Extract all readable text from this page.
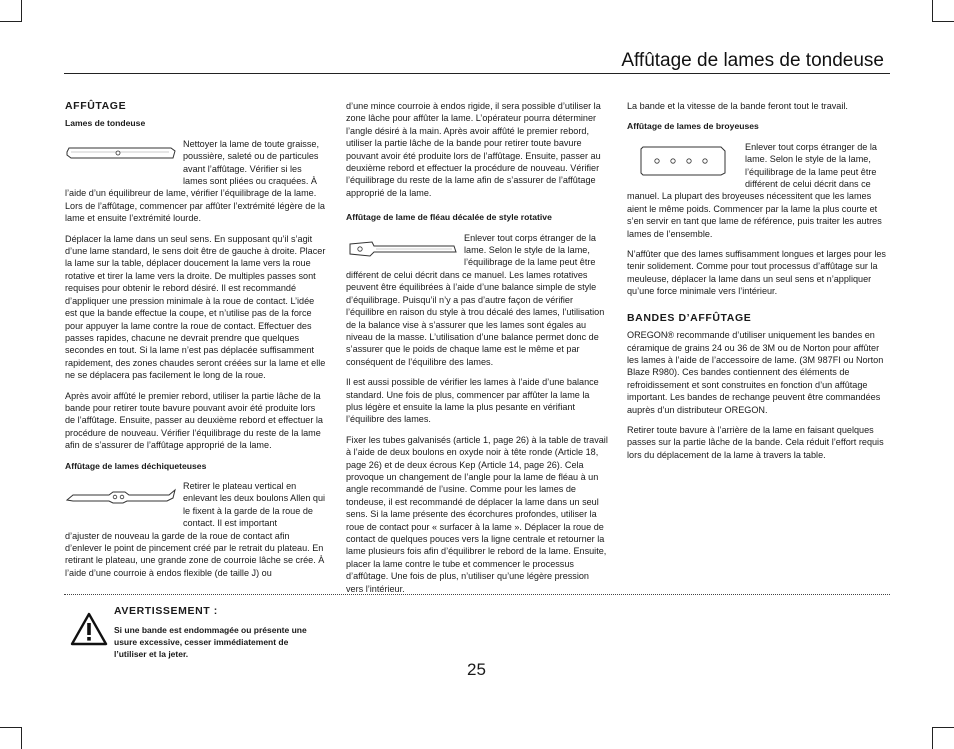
Affûtage de lames de tondeuse
AFFÛTAGE
Lames de tondeuse
Nettoyer la lame de toute graisse, poussière, saleté ou de particules avant l’affûtage. Vérifier si les lames sont pliées ou craquées. À

l’aide d’un équilibreur de lame, vérifier l’équilibrage de la lame. Lors de l’affûtage, commencer par affûter l’extrémité légère de la lame et ensuite l’extrémité lourde.

Déplacer la lame dans un seul sens. En supposant qu’il s’agit d’une lame standard, le sens doit être de gauche à droite. Placer la lame sur la table, déplacer doucement la lame vers la roue rotative et tirer la lame vers la droite. De multiples passes sont requises pour obtenir le rebord désiré. Il est recommandé d’appliquer une pression minimale à la roue de contact. L’idée est que la bande effectue la coupe, et n’utilise pas de la force pour appuyer la lame contre la roue de contact. Effectuer des passes rapides, chacune ne devrait prendre que quelques secondes en tout. Si la lame n’est pas déplacée suffisamment rapidement, des zones chaudes seront créées sur la lame et elle ne se déplacera pas facilement le long de la roue.

Après avoir affûté le premier rebord, utiliser la partie lâche de la bande pour retirer toute bavure pouvant avoir été produite lors de l’affûtage. Ensuite, passer au deuxième rebord et effectuer la procédure de nouveau. Vérifier l’équilibrage du reste de la lame afin de s’assurer de l’affûtage approprié de la lame.

Affûtage de lames déchiqueteuses
Retirer le plateau vertical en enlevant les deux boulons Allen qui le fixent à la garde de la roue de contact. Il est important

d’ajuster de nouveau la garde de la roue de contact afin d’enlever le point de pincement créé par le retrait du plateau. En retirant le plateau, une grande zone de courroie lâche se crée. À l’aide d’une courroie à endos flexible (de taille J) ou

d’une mince courroie à endos rigide, il sera possible d’utiliser la zone lâche pour affûter la lame. L’opérateur pourra déterminer l’angle désiré à la main. Après avoir affûté le premier rebord, utiliser la partie lâche de la bande pour retirer toute bavure pouvant avoir été produite lors de l’affûtage. Ensuite, passer au deuxième rebord et effectuer la procédure de nouveau. Vérifier l’équilibrage du reste de la lame afin de s’assurer de l’affûtage approprié de la lame.

Affûtage de lame de fléau décalée de style rotative
Enlever tout corps étranger de la lame. Selon le style de la lame, l’équilibrage de la lame peut être

différent de celui décrit dans ce manuel. Les lames rotatives peuvent être équilibrées à l’aide d’une balance simple de style d’équilibrage. Puisqu’il n’y a pas d’autre façon de vérifier l’équilibre en raison du style à trou décalé des lames, l’utilisation de la balance vise à s’assurer que les lames sont égales au niveau de la masse. L’utilisation d’une balance permet donc de s’assurer que le poids de chaque lame est le même et par conséquent de l’équilibre des lames.

Il est aussi possible de vérifier les lames à l’aide d’une balance standard. Une fois de plus, commencer par affûter la lame la plus légère et ensuite la lame la plus pesante en vérifiant l’équilibre des lames.

Fixer les tubes galvanisés (article 1, page 26) à la table de travail à l’aide de deux boulons en oxyde noir à tête ronde (Article 18, page 26) et de deux écrous Kep (Article 14, page 26). Cela provoque un changement de l’angle pour la lame de fléau à un angle recommandé de l’usine. Comme pour les lames de tondeuse, il est recommandé de déplacer la lame dans un seul sens. Si la lame présente des écorchures profondes, utiliser la roue de contact pour « surfacer à la lame ». Déplacer la roue de contact de quelques pouces vers la ligne centrale et retourner la lame plusieurs fois afin d’équilibrer le rebord de la lame. Ensuite, placer la lame contre le tube et commencer le processus d’affûtage. Une fois de plus, n’utiliser qu’une légère pression vers l’intérieur.

La bande et la vitesse de la bande feront tout le travail.

Affûtage de lames de broyeuses
Enlever tout corps étranger de la lame. Selon le style de la lame, l’équilibrage de la lame peut être différent de celui décrit dans ce

manuel. La plupart des broyeuses nécessitent que les lames aient le même poids. Commencer par la lame la plus courte et s’en servir en tant que lame de référence, puis traiter les autres lames de l’ensemble.

N’affûter que des lames suffisamment longues et larges pour les tenir solidement. Comme pour tout processus d’affûtage sur la meuleuse, déplacer la lame dans un seul sens et n’appliquer qu’une force minimale vers l’intérieur.

BANDES D’AFFÛTAGE

OREGON® recommande d’utiliser uniquement les bandes en céramique de grains 24 ou 36 de 3M ou de Norton pour affûter les lames à l’aide de l’accessoire de lame. (3M 987FI ou Norton Blaze R980). Ces bandes contiennent des éléments de refroidissement et sont construites en fonction d’un affûtage important. Les bandes de rechange peuvent être commandées auprès d’un distributeur OREGON.

Retirer toute bavure à l’arrière de la lame en faisant quelques passes sur la partie lâche de la bande. Cela réduit l’effort requis lors du déplacement de la lame à travers la table.

AVERTISSEMENT :
Si une bande est endommagée ou présente une usure excessive, cesser immédiatement de l’utiliser et la jeter.
25
